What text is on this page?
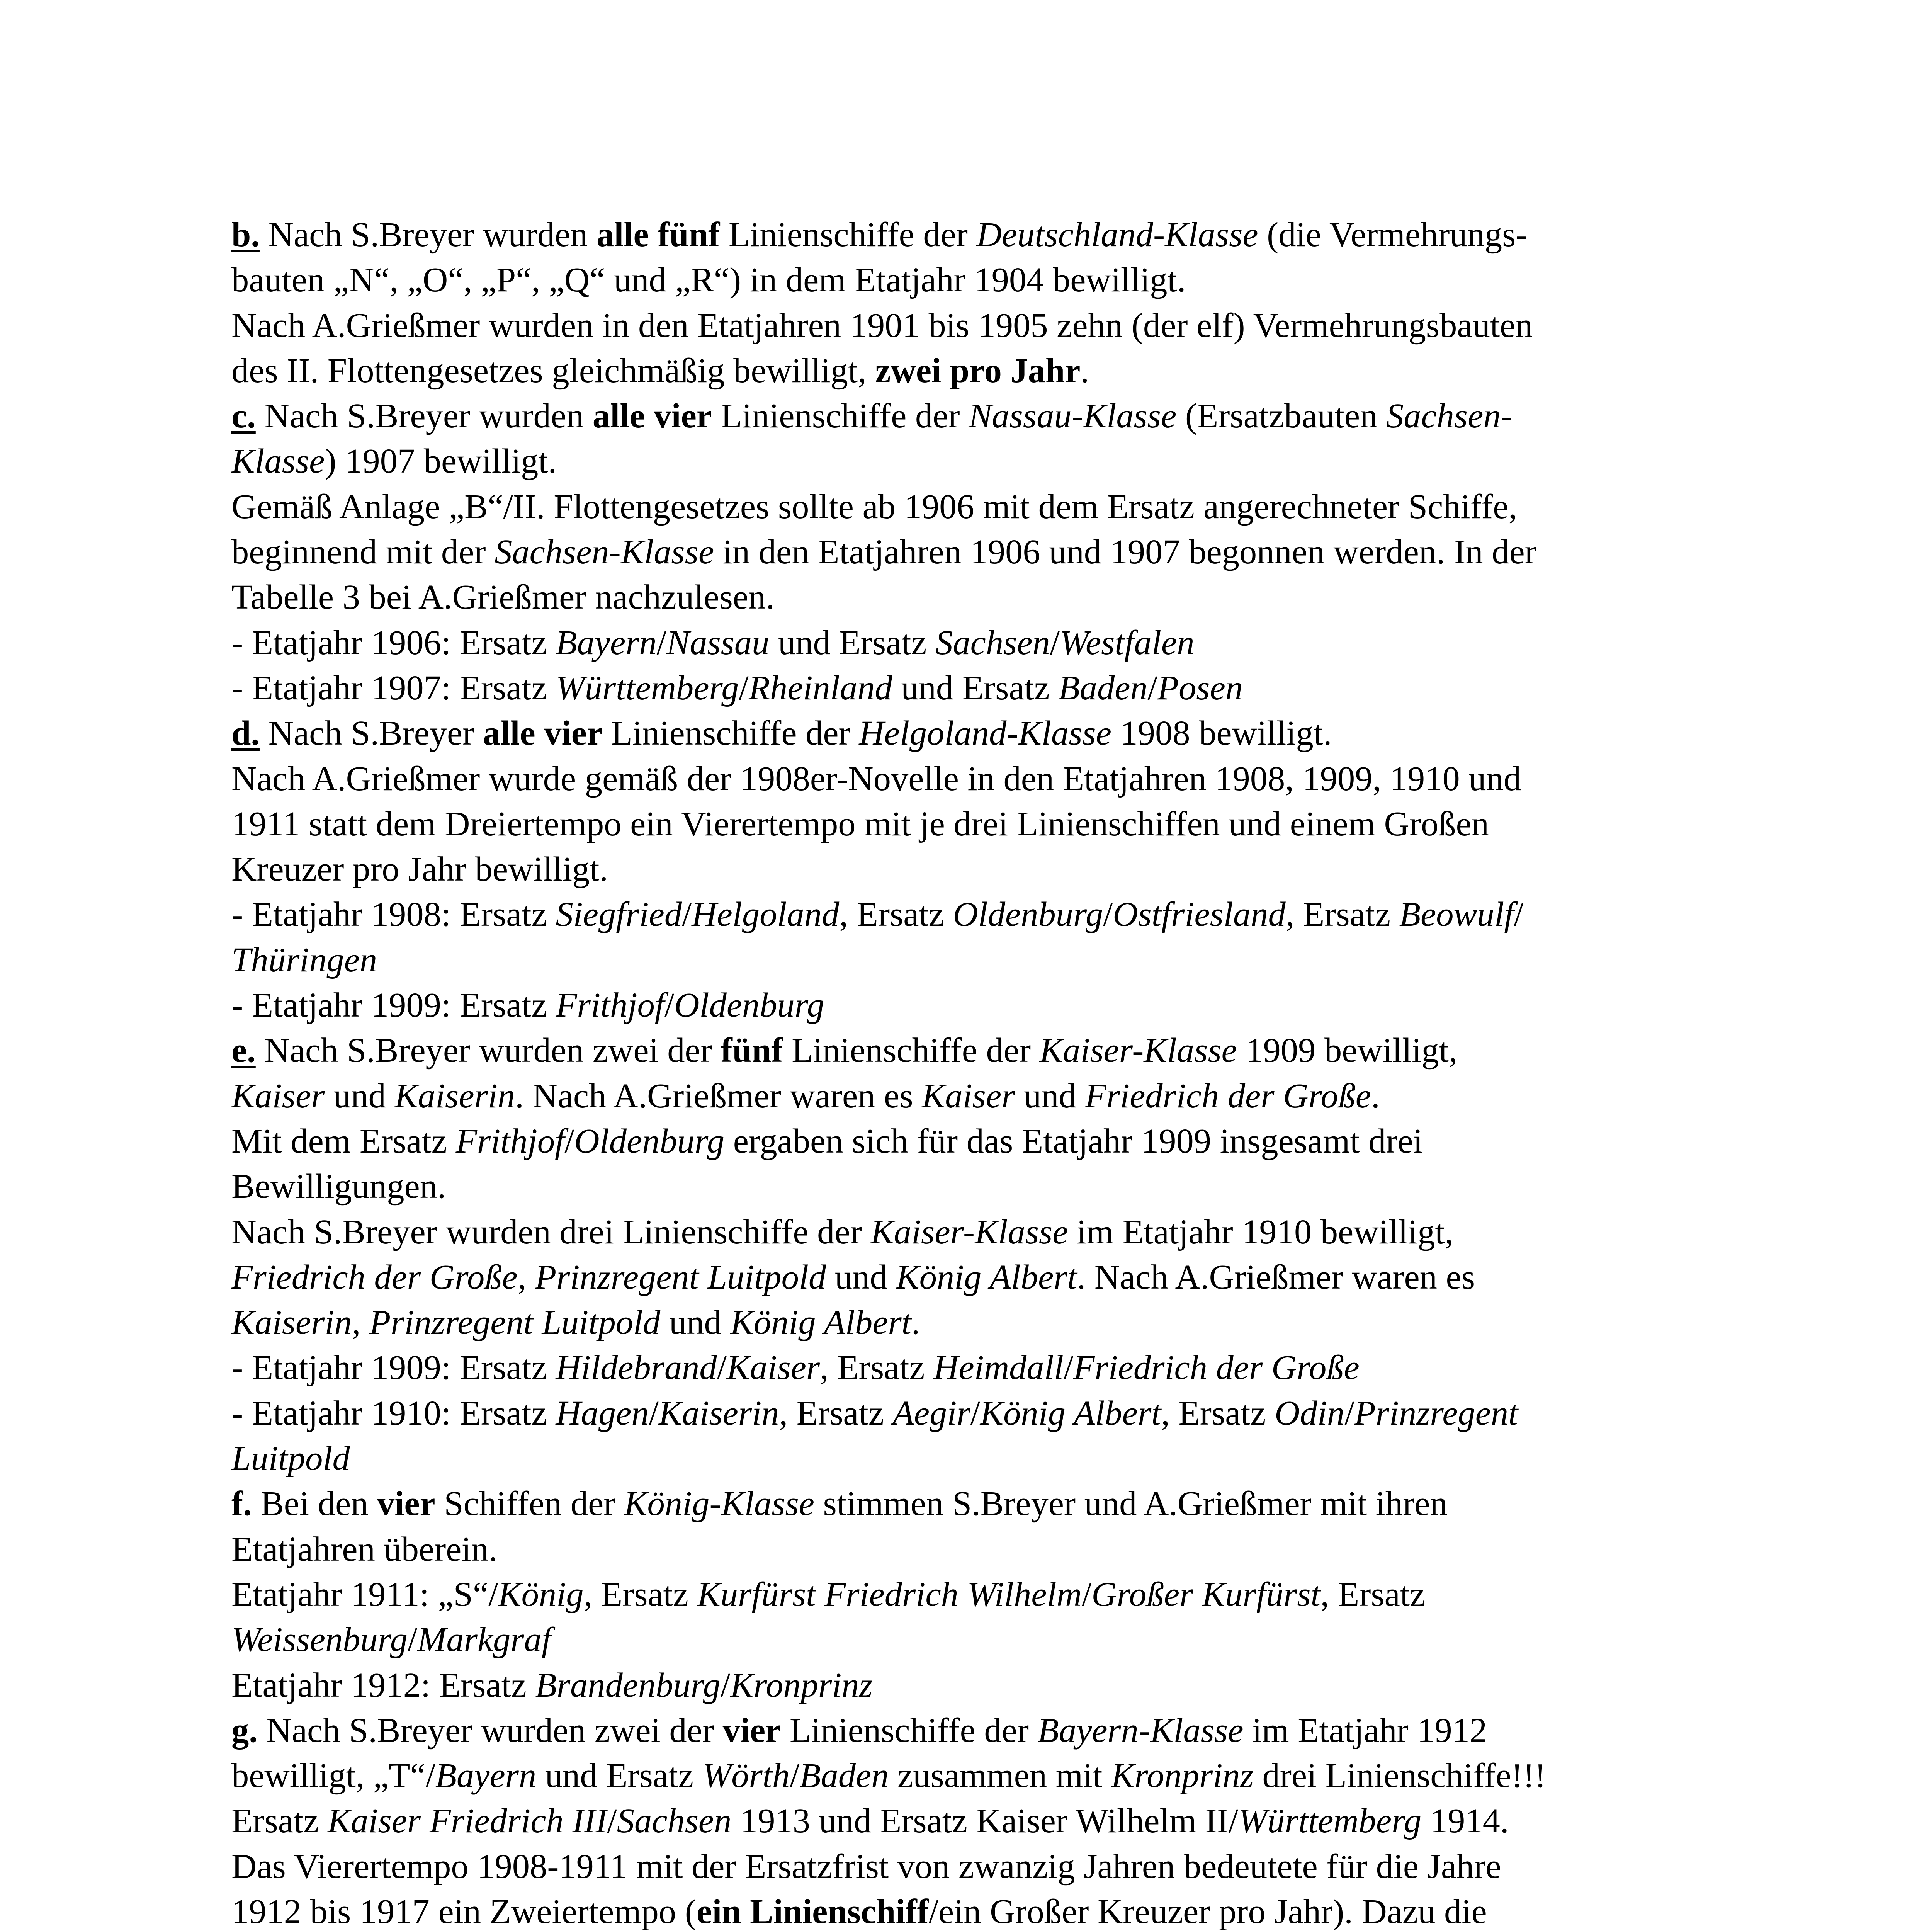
b. Nach S.Breyer wurden alle fünf Linienschiffe der Deutschland-Klasse (die Vermehrungs-
bauten „N“, „O“, „P“, „Q“ und „R“) in dem Etatjahr 1904 bewilligt.
Nach A.Grießmer wurden in den Etatjahren 1901 bis 1905 zehn (der elf) Vermehrungsbauten
des II. Flottengesetzes gleichmäßig bewilligt, zwei pro Jahr.
c. Nach S.Breyer wurden alle vier Linienschiffe der Nassau-Klasse (Ersatzbauten Sachsen-
Klasse) 1907 bewilligt.
Gemäß Anlage „B“/II. Flottengesetzes sollte ab 1906 mit dem Ersatz angerechneter Schiffe,
beginnend mit der Sachsen-Klasse in den Etatjahren 1906 und 1907 begonnen werden. In der
Tabelle 3 bei A.Grießmer nachzulesen.
- Etatjahr 1906: Ersatz Bayern/Nassau und Ersatz Sachsen/Westfalen
- Etatjahr 1907: Ersatz Württemberg/Rheinland und Ersatz Baden/Posen
d. Nach S.Breyer alle vier Linienschiffe der Helgoland-Klasse 1908 bewilligt.
Nach A.Grießmer wurde gemäß der 1908er-Novelle in den Etatjahren 1908, 1909, 1910 und
1911 statt dem Dreiertempo ein Vierertempo mit je drei Linienschiffen und einem Großen
Kreuzer pro Jahr bewilligt.
- Etatjahr 1908: Ersatz Siegfried/Helgoland, Ersatz Oldenburg/Ostfriesland, Ersatz Beowulf/
Thüringen
- Etatjahr 1909: Ersatz Frithjof/Oldenburg
e. Nach S.Breyer wurden zwei der fünf Linienschiffe der Kaiser-Klasse 1909 bewilligt,
Kaiser und Kaiserin. Nach A.Grießmer waren es Kaiser und Friedrich der Große.
Mit dem Ersatz Frithjof/Oldenburg ergaben sich für das Etatjahr 1909 insgesamt drei
Bewilligungen.
Nach S.Breyer wurden drei Linienschiffe der Kaiser-Klasse im Etatjahr 1910 bewilligt,
Friedrich der Große, Prinzregent Luitpold und König Albert. Nach A.Grießmer waren es
Kaiserin, Prinzregent Luitpold und König Albert.
- Etatjahr 1909: Ersatz Hildebrand/Kaiser, Ersatz Heimdall/Friedrich der Große
- Etatjahr 1910: Ersatz Hagen/Kaiserin, Ersatz Aegir/König Albert, Ersatz Odin/Prinzregent
Luitpold
f. Bei den vier Schiffen der König-Klasse stimmen S.Breyer und A.Grießmer mit ihren
Etatjahren überein.
Etatjahr 1911: „S“/König, Ersatz Kurfürst Friedrich Wilhelm/Großer Kurfürst, Ersatz
Weissenburg/Markgraf
Etatjahr 1912: Ersatz Brandenburg/Kronprinz
g. Nach S.Breyer wurden zwei der vier Linienschiffe der Bayern-Klasse im Etatjahr 1912
bewilligt, „T“/Bayern und Ersatz Wörth/Baden zusammen mit Kronprinz drei Linienschiffe!!!
Ersatz Kaiser Friedrich III/Sachsen 1913 und Ersatz Kaiser Wilhelm II/Württemberg 1914.
Das Vierertempo 1908-1911 mit der Ersatzfrist von zwanzig Jahren bedeutete für die Jahre
1912 bis 1917 ein Zweiertempo (ein Linienschiff/ein Großer Kreuzer pro Jahr). Dazu die
